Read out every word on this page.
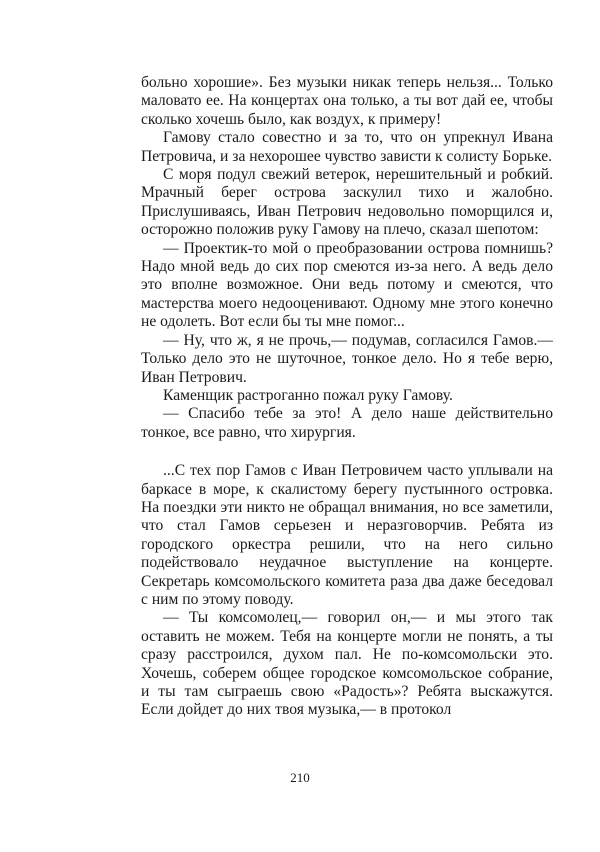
больно хорошие». Без музыки никак теперь нельзя... Только маловато ее. На концертах она только, а ты вот дай ее, чтобы сколько хочешь было, как воздух, к примеру!

Гамову стало совестно и за то, что он упрекнул Ивана Петровича, и за нехорошее чувство зависти к солисту Борьке.

С моря подул свежий ветерок, нерешительный и робкий. Мрачный берег острова заскулил тихо и жалобно. Прислушиваясь, Иван Петрович недовольно поморщился и, осторожно положив руку Гамову на плечо, сказал шепотом:

— Проектик-то мой о преобразовании острова помнишь? Надо мной ведь до сих пор смеются из-за него. А ведь дело это вполне возможное. Они ведь потому и смеются, что мастерства моего недооценивают. Одному мне этого конечно не одолеть. Вот если бы ты мне помог...

— Ну, что ж, я не прочь,— подумав, согласился Гамов.— Только дело это не шуточное, тонкое дело. Но я тебе верю, Иван Петрович.

Каменщик растроганно пожал руку Гамову.

— Спасибо тебе за это! А дело наше действительно тонкое, все равно, что хирургия.

...С тех пор Гамов с Иван Петровичем часто уплывали на баркасе в море, к скалистому берегу пустынного островка. На поездки эти никто не обращал внимания, но все заметили, что стал Гамов серьезен и неразговорчив. Ребята из городского оркестра решили, что на него сильно подействовало неудачное выступление на концерте. Секретарь комсомольского комитета раза два даже беседовал с ним по этому поводу.

— Ты комсомолец,— говорил он,— и мы этого так оставить не можем. Тебя на концерте могли не понять, а ты сразу расстроился, духом пал. Не по-комсомольски это. Хочешь, соберем общее городское комсомольское собрание, и ты там сыграешь свою «Радость»? Ребята выскажутся. Если дойдет до них твоя музыка,— в протокол

210
